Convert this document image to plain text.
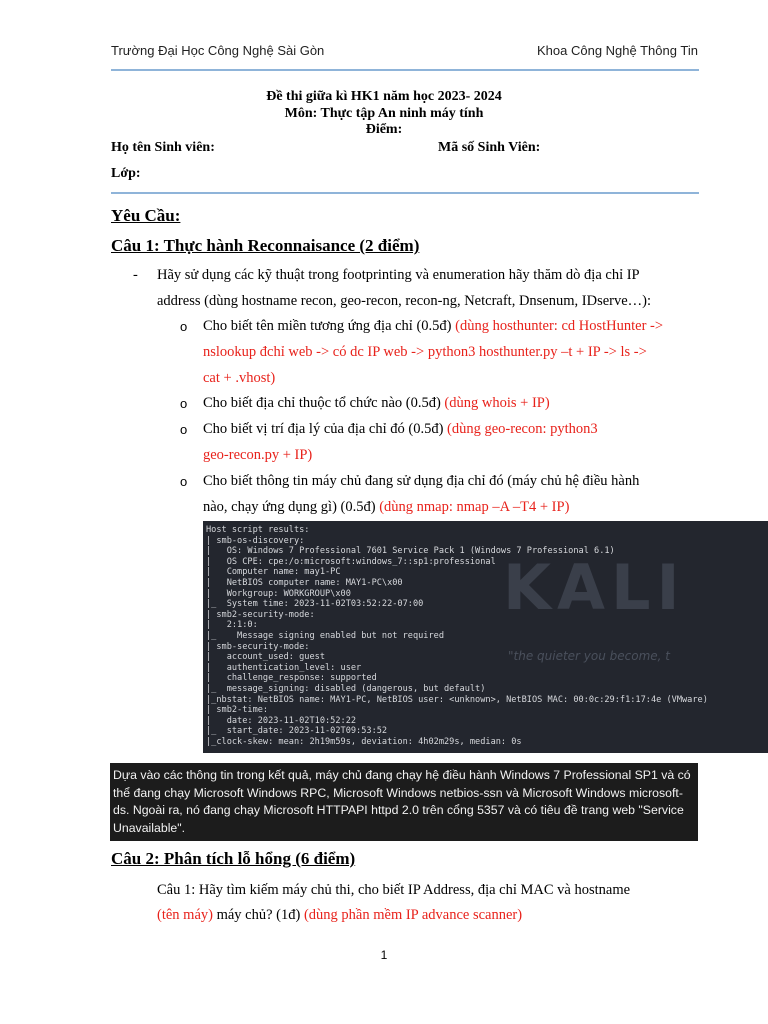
Trường Đại Học Công Nghệ Sài Gòn	Khoa Công Nghệ Thông Tin
Đề thi giữa kì HK1 năm học 2023- 2024
Môn: Thực tập An ninh máy tính
Điểm:
Họ tên Sinh viên:	Mã số Sinh Viên:
Lớp:
Yêu Cầu:
Câu 1: Thực hành Reconnaisance (2 điểm)
- Hãy sử dụng các kỹ thuật trong footprinting và enumeration hãy thăm dò địa chỉ IP
address (dùng hostname recon, geo-recon, recon-ng, Netcraft, Dnsenum, IDserve…):
o Cho biết tên miền tương ứng địa chỉ (0.5đ) (dùng hosthunter: cd HostHunter ->
nslookup đchỉ web -> có dc IP web -> python3 hosthunter.py –t + IP -> ls ->
cat + .vhost)
o Cho biết địa chỉ thuộc tổ chức nào (0.5đ) (dùng whois + IP)
o Cho biết vị trí địa lý của địa chỉ đó (0.5đ) (dùng geo-recon: python3
geo-recon.py + IP)
o Cho biết thông tin máy chủ đang sử dụng địa chỉ đó (máy chủ hệ điều hành
nào, chạy ứng dụng gì) (0.5đ) (dùng nmap: nmap –A –T4 + IP)
KALI
"the quieter you become, t
Host script results:
| smb-os-discovery:
|   OS: Windows 7 Professional 7601 Service Pack 1 (Windows 7 Professional 6.1)
|   OS CPE: cpe:/o:microsoft:windows_7::sp1:professional
|   Computer name: may1-PC
|   NetBIOS computer name: MAY1-PC\x00
|   Workgroup: WORKGROUP\x00
|_  System time: 2023-11-02T03:52:22-07:00
| smb2-security-mode:
|   2:1:0:
|_    Message signing enabled but not required
| smb-security-mode:
|   account_used: guest
|   authentication_level: user
|   challenge_response: supported
|_  message_signing: disabled (dangerous, but default)
|_nbstat: NetBIOS name: MAY1-PC, NetBIOS user: <unknown>, NetBIOS MAC: 00:0c:29:f1:17:4e (VMware)
| smb2-time:
|   date: 2023-11-02T10:52:22
|_  start_date: 2023-11-02T09:53:52
|_clock-skew: mean: 2h19m59s, deviation: 4h02m29s, median: 0s
Dựa vào các thông tin trong kết quả, máy chủ đang chạy hệ điều hành Windows 7 Professional SP1 và có
thể đang chạy Microsoft Windows RPC, Microsoft Windows netbios-ssn và Microsoft Windows microsoft-
ds. Ngoài ra, nó đang chạy Microsoft HTTPAPI httpd 2.0 trên cổng 5357 và có tiêu đề trang web "Service
Unavailable".
Câu 2: Phân tích lỗ hổng (6 điểm)
Câu 1: Hãy tìm kiếm máy chủ thi, cho biết IP Address, địa chỉ MAC và hostname
(tên máy) máy chủ? (1đ) (dùng phần mềm IP advance scanner)
1
